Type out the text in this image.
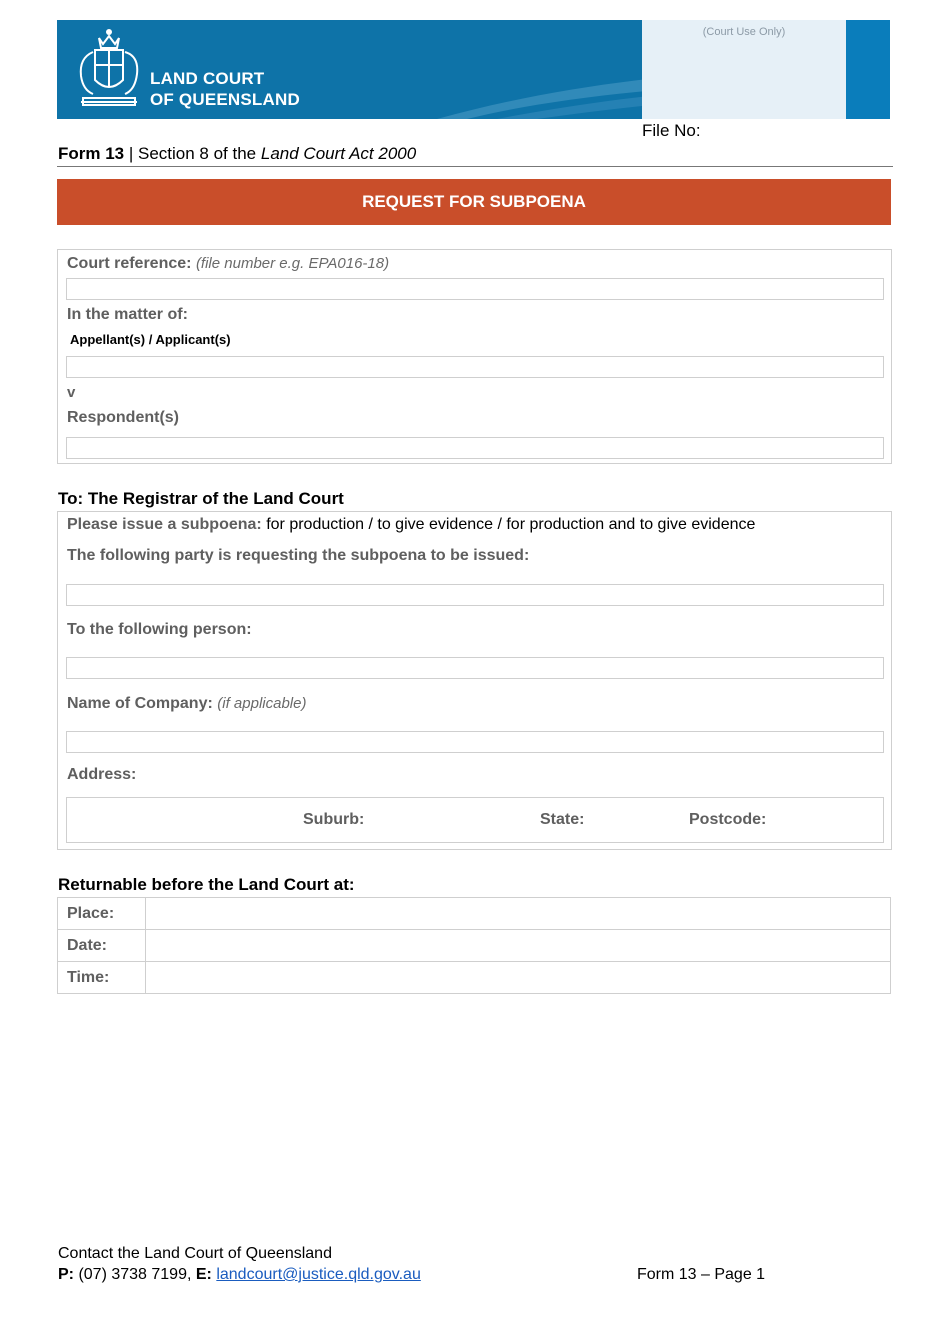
(Court Use Only)
LAND COURT
OF QUEENSLAND
File No:
Form 13 | Section 8 of the Land Court Act 2000
REQUEST FOR SUBPOENA
Court reference: (file number e.g. EPA016-18)
In the matter of:
Appellant(s) / Applicant(s)
v
Respondent(s)
To: The Registrar of the Land Court
Please issue a subpoena: for production / to give evidence / for production and to give evidence
The following party is requesting the subpoena to be issued:
To the following person:
Name of Company: (if applicable)
Address:
Suburb:	State:	Postcode:
Returnable before the Land Court at:
Place:	
Date:	
Time:	
Contact the Land Court of Queensland
P: (07) 3738 7199, E: landcourt@justice.qld.gov.au	Form 13 – Page 1
